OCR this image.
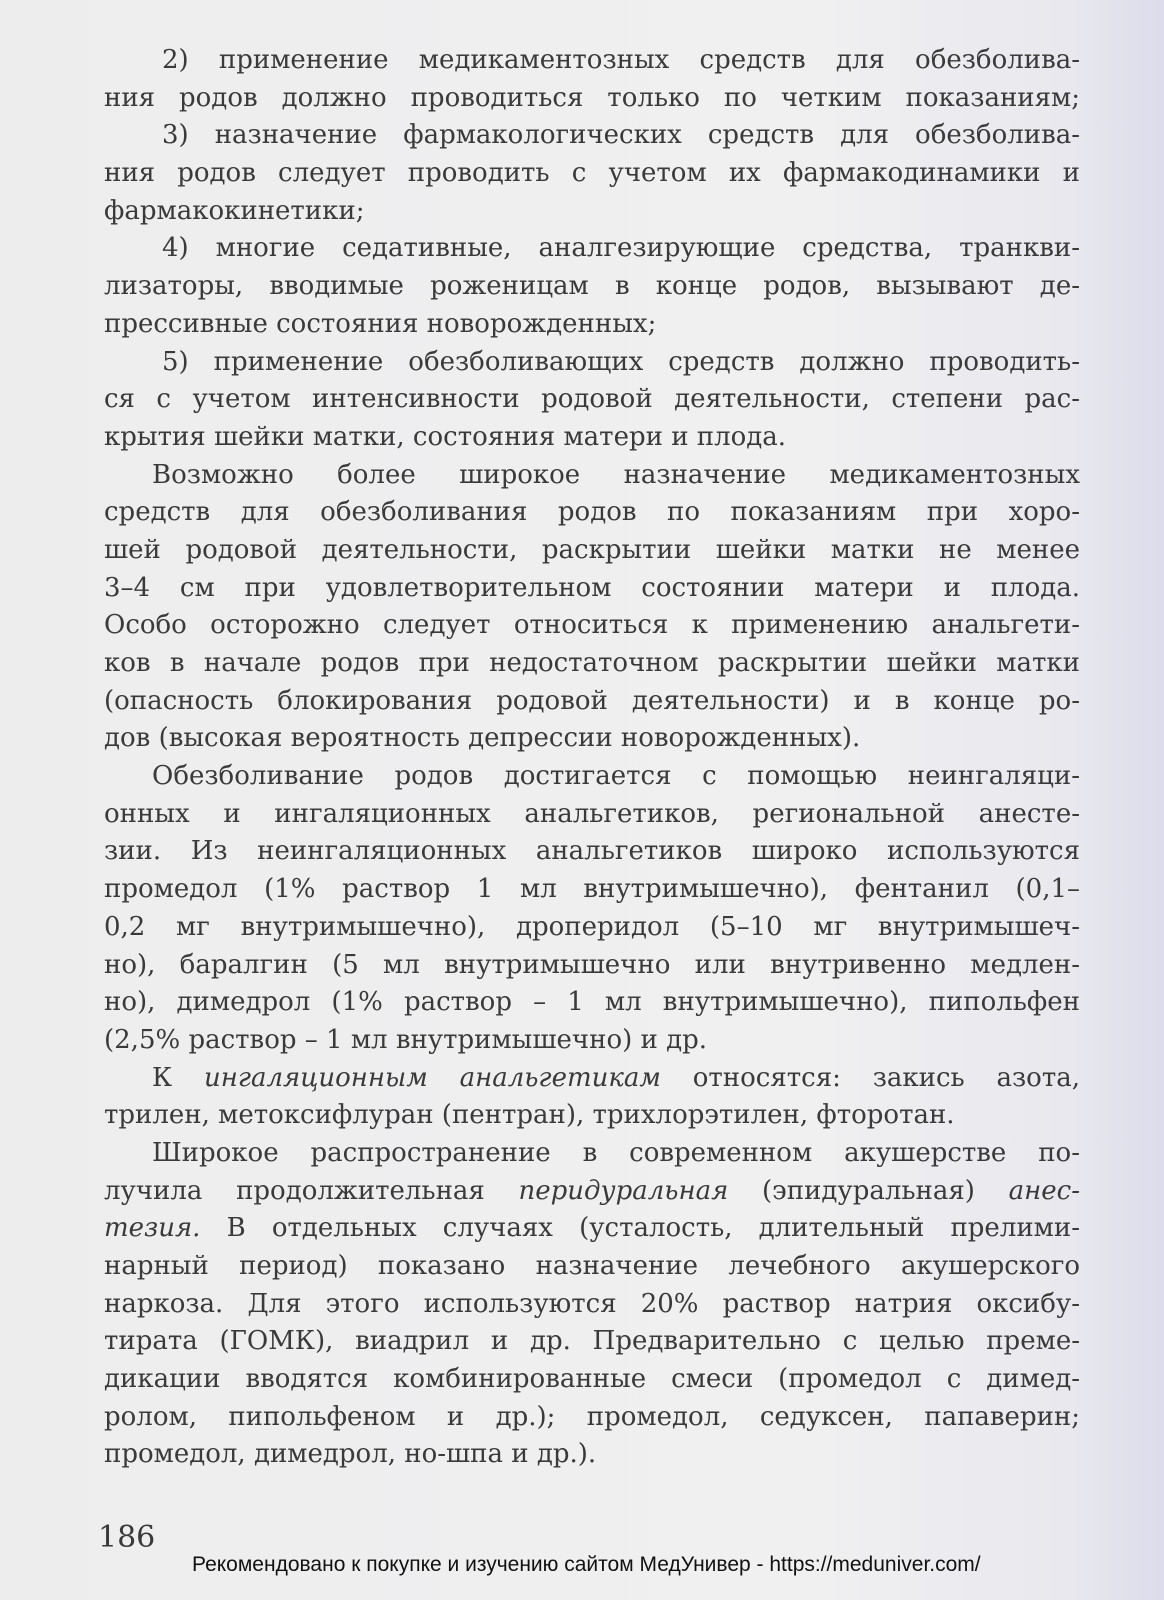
2) применение медикаментозных средств для обезболива-
ния родов должно проводиться только по четким показаниям;
3) назначение фармакологических средств для обезболива-
ния родов следует проводить с учетом их фармакодинамики и
фармакокинетики;
4) многие седативные, аналгезирующие средства, транкви-
лизаторы, вводимые роженицам в конце родов, вызывают де-
прессивные состояния новорожденных;
5) применение обезболивающих средств должно проводить-
ся с учетом интенсивности родовой деятельности, степени рас-
крытия шейки матки, состояния матери и плода.
Возможно более широкое назначение медикаментозных
средств для обезболивания родов по показаниям при хоро-
шей родовой деятельности, раскрытии шейки матки не менее
3–4 см при удовлетворительном состоянии матери и плода.
Особо осторожно следует относиться к применению анальгети-
ков в начале родов при недостаточном раскрытии шейки матки
(опасность блокирования родовой деятельности) и в конце ро-
дов (высокая вероятность депрессии новорожденных).
Обезболивание родов достигается с помощью неингаляци-
онных и ингаляционных анальгетиков, региональной анесте-
зии. Из неингаляционных анальгетиков широко используются
промедол (1% раствор 1 мл внутримышечно), фентанил (0,1–
0,2 мг внутримышечно), дроперидол (5–10 мг внутримышеч-
но), баралгин (5 мл внутримышечно или внутривенно медлен-
но), димедрол (1% раствор – 1 мл внутримышечно), пипольфен
(2,5% раствор – 1 мл внутримышечно) и др.
К ингаляционным анальгетикам относятся: закись азота,
трилен, метоксифлуран (пентран), трихлорэтилен, фторотан.
Широкое распространение в современном акушерстве по-
лучила продолжительная перидуральная (эпидуральная) анес-
тезия. В отдельных случаях (усталость, длительный прелими-
нарный период) показано назначение лечебного акушерского
наркоза. Для этого используются 20% раствор натрия оксибу-
тирата (ГОМК), виадрил и др. Предварительно с целью преме-
дикации вводятся комбинированные смеси (промедол с димед-
ролом, пипольфеном и др.); промедол, седуксен, папаверин;
промедол, димедрол, но-шпа и др.).
186
Рекомендовано к покупке и изучению сайтом МедУнивер - https://meduniver.com/
